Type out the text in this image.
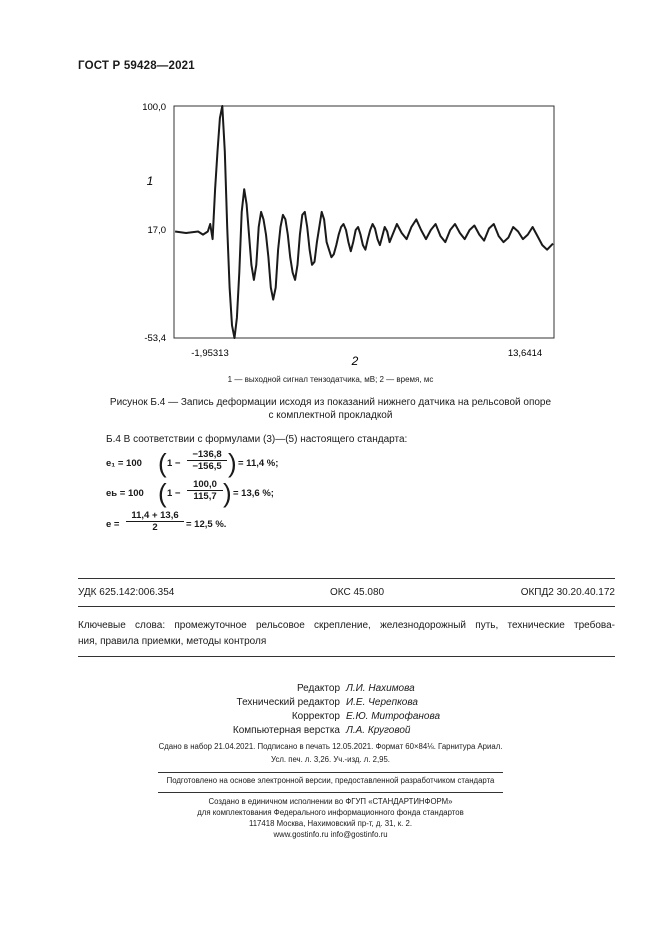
ГОСТ Р 59428—2021
100,0
17,0
-53,4
-1,95313	13,6414
1
2
1 — выходной сигнал тензодатчика, мВ; 2 — время, мс
Рисунок Б.4 — Запись деформации исходя из показаний нижнего датчика на рельсовой опоре
с комплектной прокладкой
Б.4 В соответствии с формулами (3)—(5) настоящего стандарта:
e₁ = 100 ( $1 - \frac{-136,8}{-156,5}$ ) = 11,4 %;
eь = 100 ( $1 - \frac{100,0}{115,7}$ ) = 13,6 %;
$e = \frac{11,4 + 13,6}{2} = 12,5$ %.
УДК 625.142:006.354	ОКС 45.080	ОКПД2 30.20.40.172
Ключевые слова: промежуточное рельсовое скрепление, железнодорожный путь, технические требова-
ния, правила приемки, методы контроля
Редактор Л.И. Нахимова
Технический редактор И.Е. Черепкова
Корректор Е.Ю. Митрофанова
Компьютерная верстка Л.А. Круговой
Сдано в набор 21.04.2021. Подписано в печать 12.05.2021. Формат 60×84⅛. Гарнитура Ариал.
Усл. печ. л. 3,26. Уч.-изд. л. 2,95.
Подготовлено на основе электронной версии, предоставленной разработчиком стандарта
Создано в единичном исполнении во ФГУП «СТАНДАРТИНФОРМ»
для комплектования Федерального информационного фонда стандартов
117418 Москва, Нахимовский пр-т, д. 31, к. 2.
www.gostinfo.ru info@gostinfo.ru
